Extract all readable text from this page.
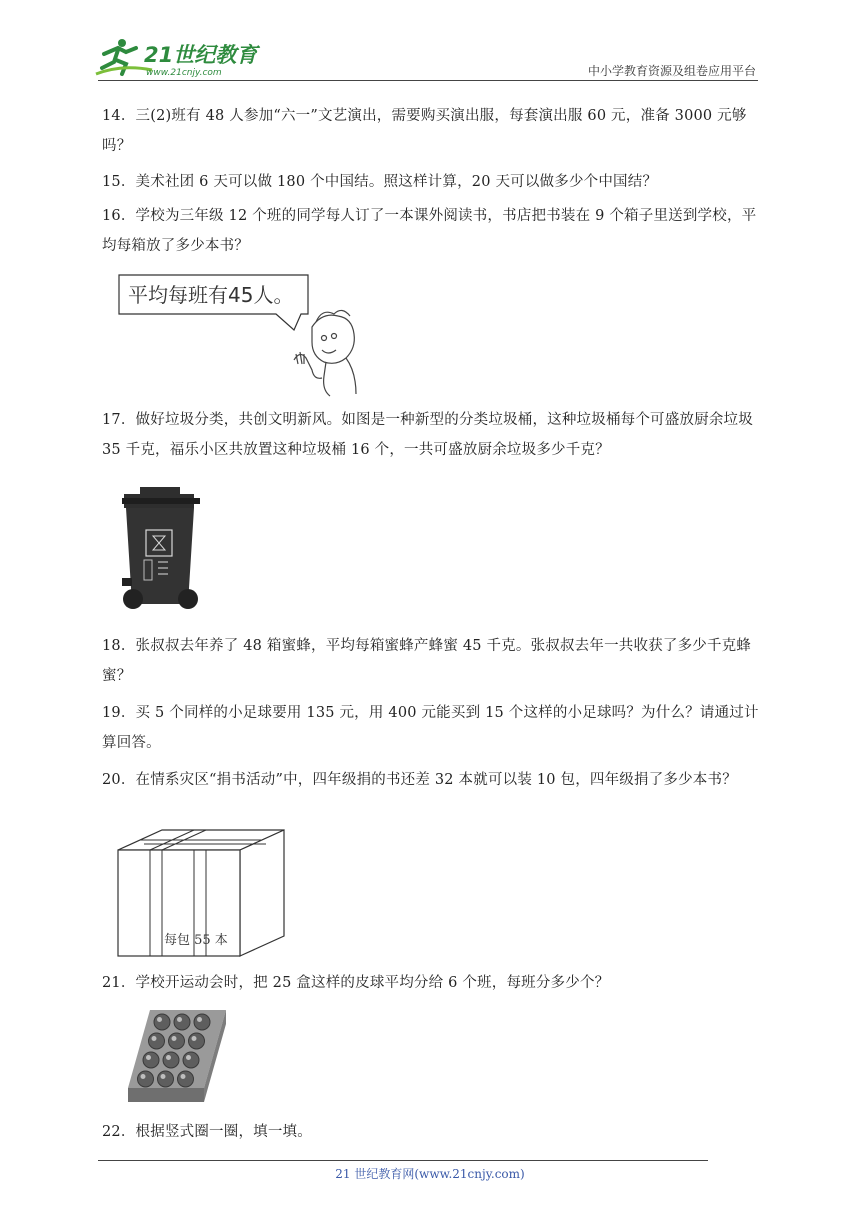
21世纪教育
www.21cnjy.com	中小学教育资源及组卷应用平台
14．三(2)班有 48 人参加“六一”文艺演出，需要购买演出服，每套演出服 60 元，准备 3000 元够吗？
15．美术社团 6 天可以做 180 个中国结。照这样计算，20 天可以做多少个中国结？
16．学校为三年级 12 个班的同学每人订了一本课外阅读书，书店把书装在 9 个箱子里送到学校，平均每箱放了多少本书？
平均每班有45人。
17．做好垃圾分类，共创文明新风。如图是一种新型的分类垃圾桶，这种垃圾桶每个可盛放厨余垃圾 35 千克，福乐小区共放置这种垃圾桶 16 个，一共可盛放厨余垃圾多少千克？
18．张叔叔去年养了 48 箱蜜蜂，平均每箱蜜蜂产蜂蜜 45 千克。张叔叔去年一共收获了多少千克蜂蜜？
19．买 5 个同样的小足球要用 135 元，用 400 元能买到 15 个这样的小足球吗？为什么？请通过计算回答。
20．在情系灾区“捐书活动”中，四年级捐的书还差 32 本就可以装 10 包，四年级捐了多少本书？
每包 55 本
21．学校开运动会时，把 25 盒这样的皮球平均分给 6 个班，每班分多少个？
22．根据竖式圈一圈，填一填。
21 世纪教育网(www.21cnjy.com)
